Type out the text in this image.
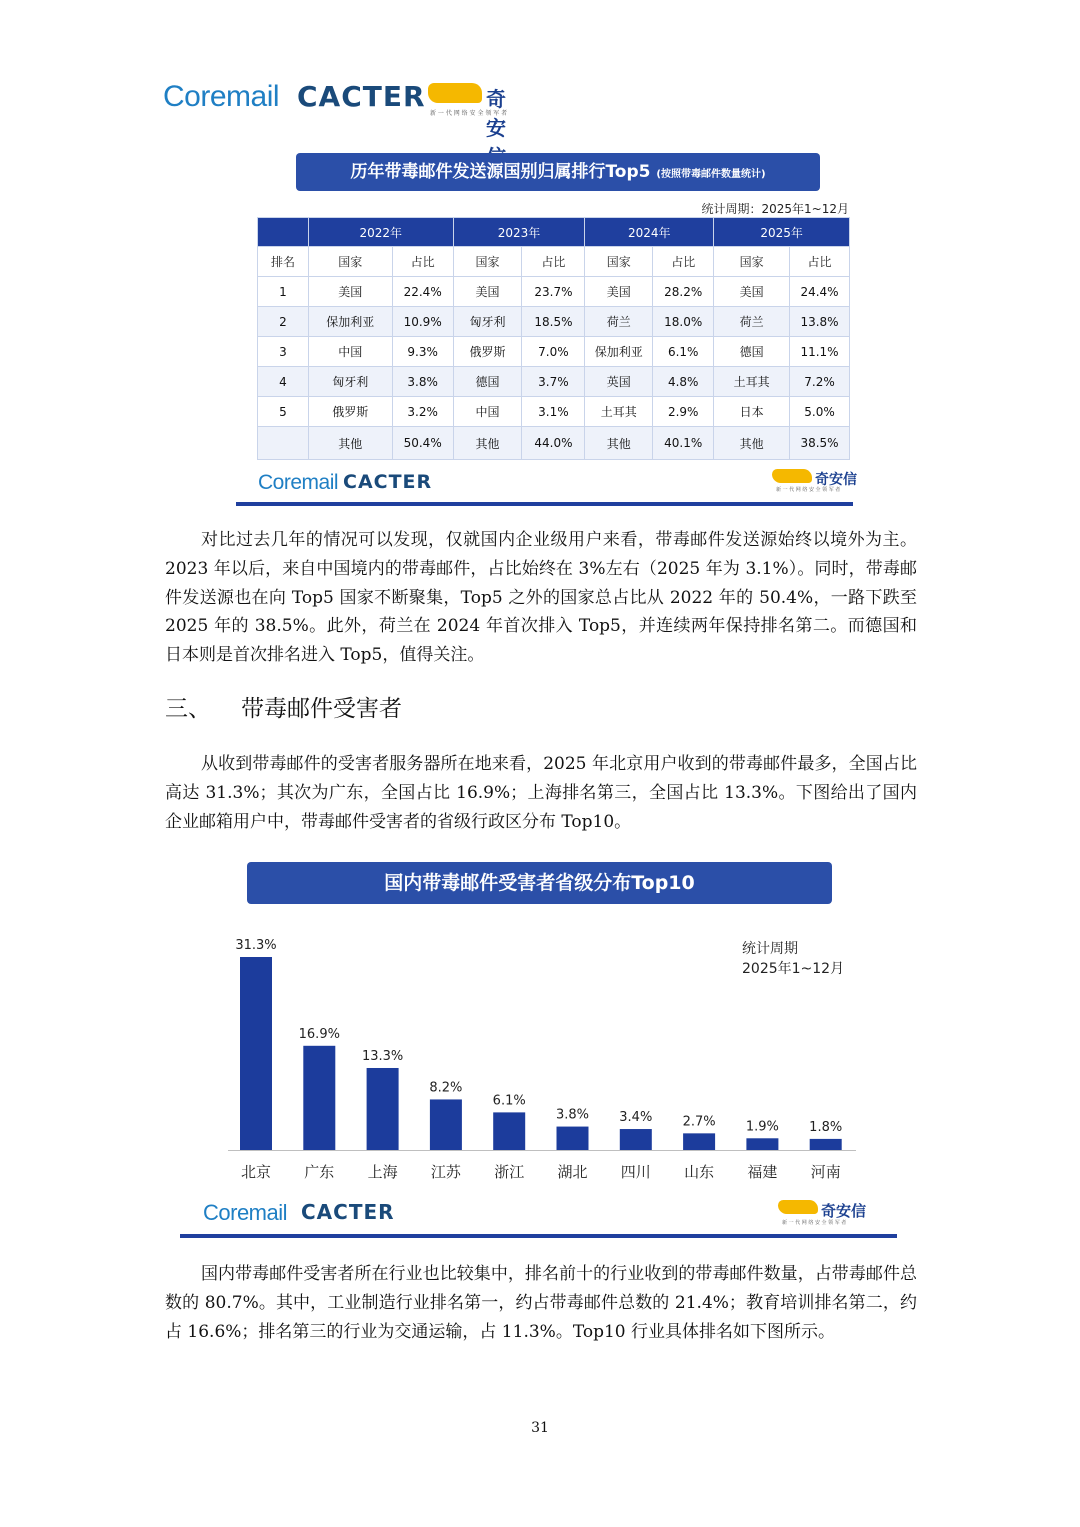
Coremail CACTER	奇安
新 一 代 网 络 安 全 领 军 者
历年带毒邮件发送源国别归属排行Top5 (按照带毒邮件数量统计)
统计周期：2025年1~12月
	2022年		2023年		2024年		2025年	
排名	国家	占比	国家	占比	国家	占比	国家	占比
1	美国	22.4%	美国	23.7%	美国	28.2%	美国	24.4%
2	保加利亚	10.9%	匈牙利	18.5%	荷兰	18.0%	荷兰	13.8%
3	中国	9.3%	俄罗斯	7.0%	保加利亚	6.1%	德国	11.1%
4	匈牙利	3.8%	德国	3.7%	英国	4.8%	土耳其	7.2%
5	俄罗斯	3.2%	中国	3.1%	土耳其	2.9%	日本	5.0%
	其他	50.4%	其他	44.0%	其他	40.1%	其他	38.5%
Coremail CACTER	奇安信
新 一 代 网 络 安 全 领 军 者

对比过去几年的情况可以发现，仅就国内企业级用户来看，带毒邮件发送源始终以境外为主。2023 年以后，来自中国境内的带毒邮件，占比始终在 3%左右（2025 年为 3.1%）。同时，带毒邮件发送源也在向 Top5 国家不断聚集，Top5 之外的国家总占比从 2022 年的 50.4%，一路下跌至 2025 年的 38.5%。此外，荷兰在 2024 年首次排入 Top5，并连续两年保持排名第二。而德国和日本则是首次排名进入 Top5，值得关注。

三、 带毒邮件受害者

从收到带毒邮件的受害者服务器所在地来看，2025 年北京用户收到的带毒邮件最多，全国占比高达 31.3%；其次为广东，全国占比 16.9%；上海排名第三，全国占比 13.3%。下图给出了国内企业邮箱用户中，带毒邮件受害者的省级行政区分布 Top10。

国内带毒邮件受害者省级分布Top10
统计周期
2025年1~12月
31.3%
北京
16.9%
广东
13.3%
上海
8.2%
江苏
6.1%
浙江
3.8%
湖北
3.4%
四川
2.7%
山东
1.9%
福建
1.8%
河南
Coremail CACTER	奇安信
新 一 代 网 络 安 全 领 军 者

国内带毒邮件受害者所在行业也比较集中，排名前十的行业收到的带毒邮件数量，占带毒邮件总数的 80.7%。其中，工业制造行业排名第一，约占带毒邮件总数的 21.4%；教育培训排名第二，约占 16.6%；排名第三的行业为交通运输，占 11.3%。Top10 行业具体排名如下图所示。

31
